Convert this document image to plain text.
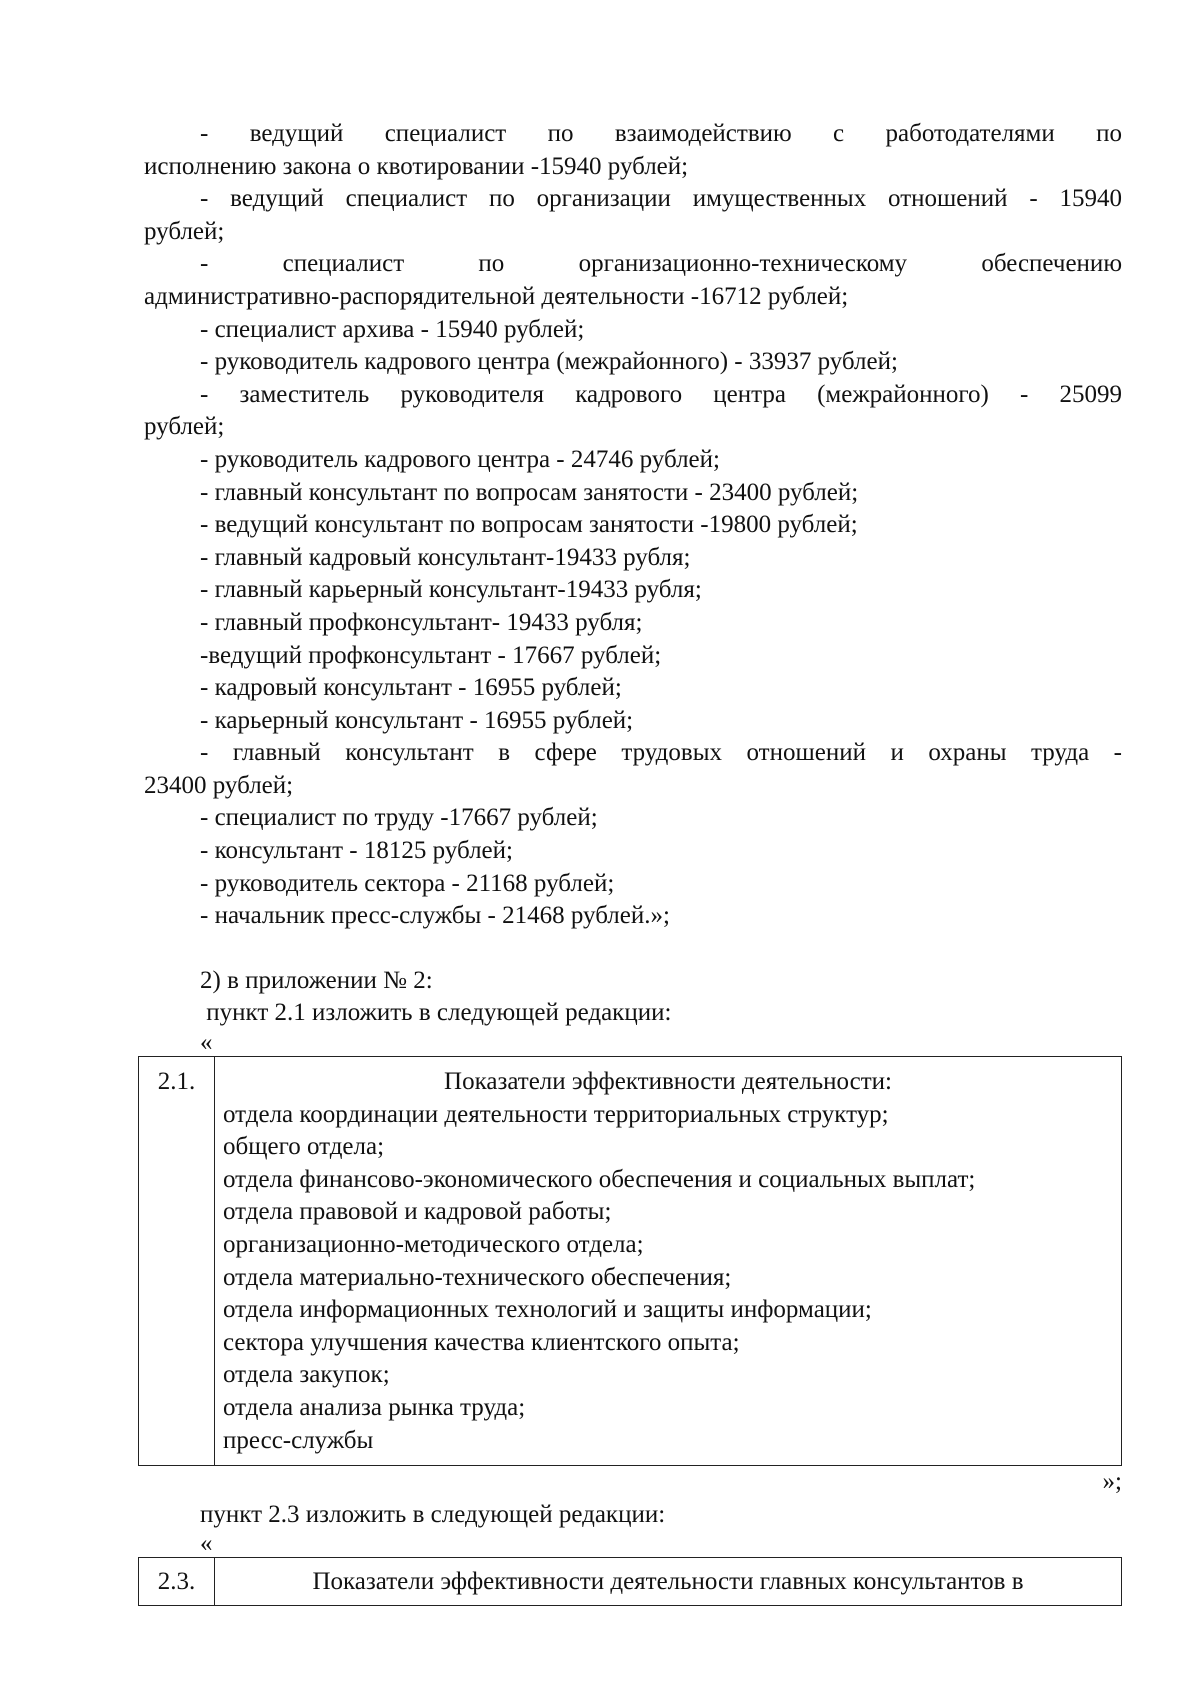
- ведущий специалист по взаимодействию с работодателями по
исполнению закона о квотировании -15940 рублей;
- ведущий специалист по организации имущественных отношений - 15940
рублей;
- специалист по организационно-техническому обеспечению
административно-распорядительной деятельности -16712 рублей;
- специалист архива - 15940 рублей;
- руководитель кадрового центра (межрайонного) - 33937 рублей;
- заместитель руководителя кадрового центра (межрайонного) - 25099
рублей;
- руководитель кадрового центра - 24746 рублей;
- главный консультант по вопросам занятости - 23400 рублей;
- ведущий консультант по вопросам занятости -19800 рублей;
- главный кадровый консультант-19433 рубля;
- главный карьерный консультант-19433 рубля;
- главный профконсультант- 19433 рубля;
-ведущий профконсультант - 17667 рублей;
- кадровый консультант - 16955 рублей;
- карьерный консультант - 16955 рублей;
- главный консультант в сфере трудовых отношений и охраны труда -
23400 рублей;
- специалист по труду -17667 рублей;
- консультант - 18125 рублей;
- руководитель сектора - 21168 рублей;
- начальник пресс-службы - 21468 рублей.»;
2) в приложении № 2:
пункт 2.1 изложить в следующей редакции:
«
2.1.	Показатели эффективности деятельности:
отдела координации деятельности территориальных структур;
общего отдела;
отдела финансово-экономического обеспечения и социальных выплат;
отдела правовой и кадровой работы;
организационно-методического отдела;
отдела материально-технического обеспечения;
отдела информационных технологий и защиты информации;
сектора улучшения качества клиентского опыта;
отдела закупок;
отдела анализа рынка труда;
пресс-службы
»;
пункт 2.3 изложить в следующей редакции:
«
2.3.	Показатели эффективности деятельности главных консультантов в
